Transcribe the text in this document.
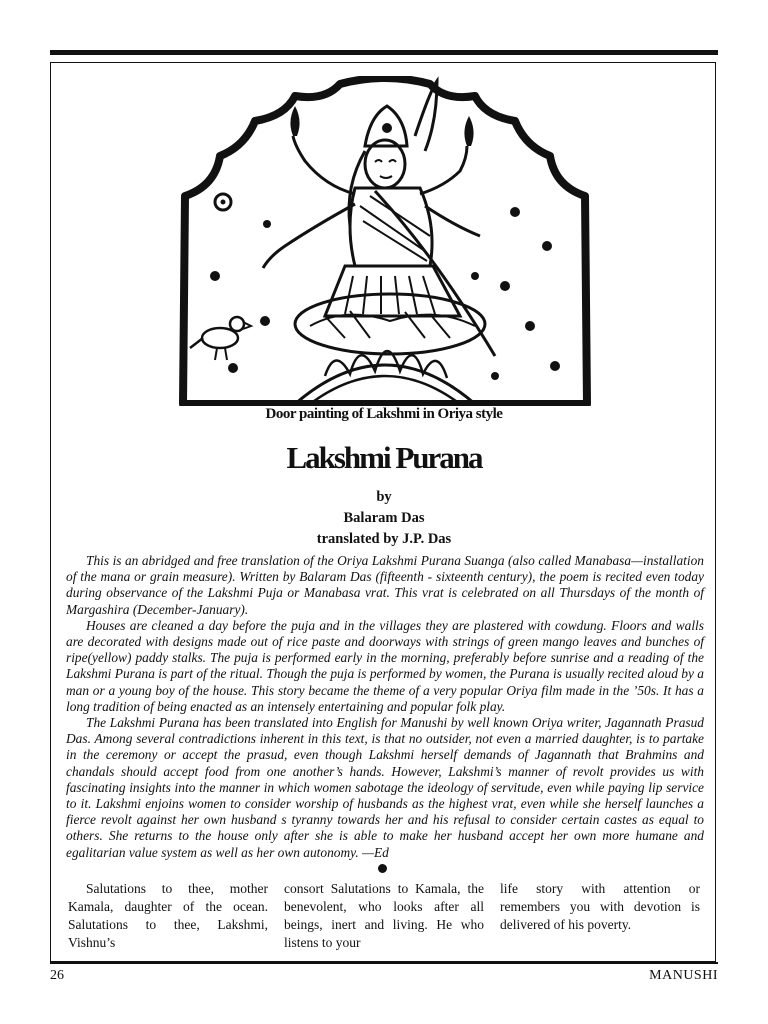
Door painting of Lakshmi in Oriya style
Lakshmi Purana
by
Balaram Das
translated by J.P. Das

This is an abridged and free translation of the Oriya Lakshmi Purana Suanga (also called Manabasa—installation of the mana or grain measure). Written by Balaram Das (fifteenth - sixteenth century), the poem is recited even today during observance of the Lakshmi Puja or Manabasa vrat. This vrat is celebrated on all Thursdays of the month of Margashira (December-January).

Houses are cleaned a day before the puja and in the villages they are plastered with cowdung. Floors and walls are decorated with designs made out of rice paste and doorways with strings of green mango leaves and bunches of ripe(yellow) paddy stalks. The puja is performed early in the morning, preferably before sunrise and a reading of the Lakshmi Purana is part of the ritual. Though the puja is performed by women, the Purana is usually recited aloud by a man or a young boy of the house. This story became the theme of a very popular Oriya film made in the ’50s. It has a long tradition of being enacted as an intensely entertaining and popular folk play.

The Lakshmi Purana has been translated into English for Manushi by well known Oriya writer, Jagannath Prasud Das. Among several contradictions inherent in this text, is that no outsider, not even a married daughter, is to partake in the ceremony or accept the prasud, even though Lakshmi herself demands of Jagannath that Brahmins and chandals should accept food from one another’s hands. However, Lakshmi’s manner of revolt provides us with fascinating insights into the manner in which women sabotage the ideology of servitude, even while paying lip service to it. Lakshmi enjoins women to consider worship of husbands as the highest vrat, even while she herself launches a fierce revolt against her own husband s tyranny towards her and his refusal to consider certain castes as equal to others. She returns to the house only after she is able to make her husband accept her own more humane and egalitarian value system as well as her own autonomy. —Ed

Salutations to thee, mother Kamala, daughter of the ocean. Salutations to thee, Lakshmi, Vishnu’s
consort Salutations to Kamala, the benevolent, who looks after all beings, inert and living. He who listens to your
life story with attention or remembers you with devotion is delivered of his poverty.
26	MANUSHI
